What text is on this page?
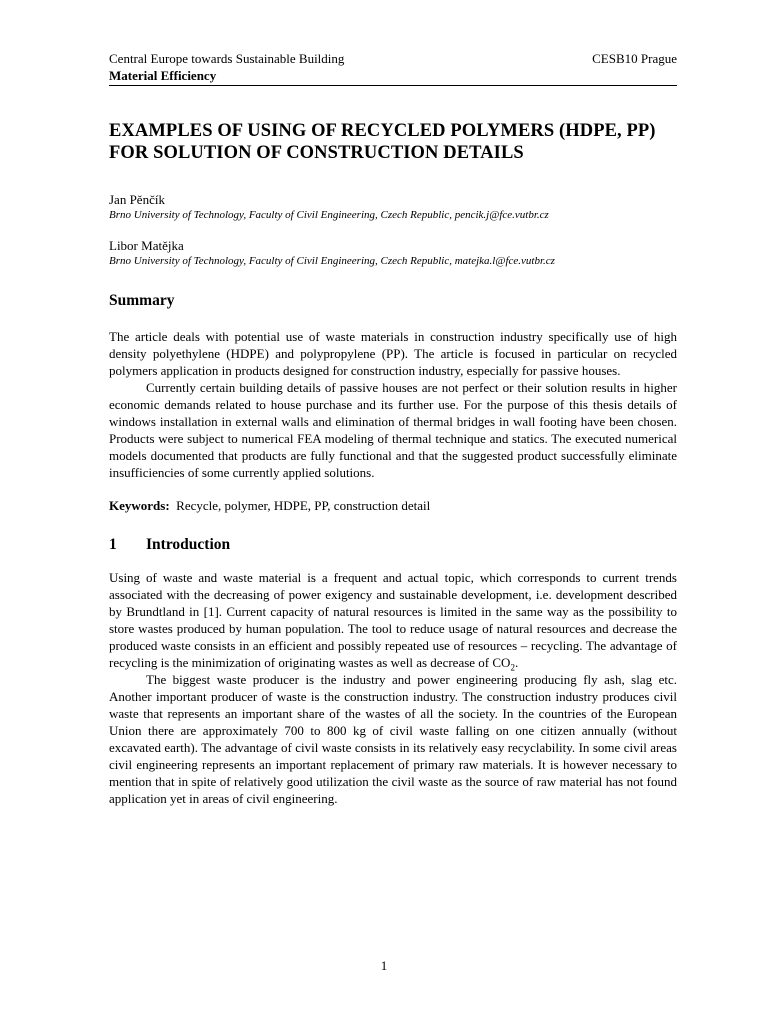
Central Europe towards Sustainable Building	CESB10 Prague
Material Efficiency
EXAMPLES OF USING OF RECYCLED POLYMERS (HDPE, PP) FOR SOLUTION OF CONSTRUCTION DETAILS
Jan Pěnčík
Brno University of Technology, Faculty of Civil Engineering, Czech Republic, pencik.j@fce.vutbr.cz
Libor Matějka
Brno University of Technology, Faculty of Civil Engineering, Czech Republic, matejka.l@fce.vutbr.cz
Summary
The article deals with potential use of waste materials in construction industry specifically use of high density polyethylene (HDPE) and polypropylene (PP). The article is focused in particular on recycled polymers application in products designed for construction industry, especially for passive houses.
Currently certain building details of passive houses are not perfect or their solution results in higher economic demands related to house purchase and its further use. For the purpose of this thesis details of windows installation in external walls and elimination of thermal bridges in wall footing have been chosen. Products were subject to numerical FEA modeling of thermal technique and statics. The executed numerical models documented that products are fully functional and that the suggested product successfully eliminate insufficiencies of some currently applied solutions.
Keywords: Recycle, polymer, HDPE, PP, construction detail
1	Introduction
Using of waste and waste material is a frequent and actual topic, which corresponds to current trends associated with the decreasing of power exigency and sustainable development, i.e. development described by Brundtland in [1]. Current capacity of natural resources is limited in the same way as the possibility to store wastes produced by human population. The tool to reduce usage of natural resources and decrease the produced waste consists in an efficient and possibly repeated use of resources – recycling. The advantage of recycling is the minimization of originating wastes as well as decrease of $CO_2$.
The biggest waste producer is the industry and power engineering producing fly ash, slag etc. Another important producer of waste is the construction industry. The construction industry produces civil waste that represents an important share of the wastes of all the society. In the countries of the European Union there are approximately 700 to 800 kg of civil waste falling on one citizen annually (without excavated earth). The advantage of civil waste consists in its relatively easy recyclability. In some civil areas civil engineering represents an important replacement of primary raw materials. It is however necessary to mention that in spite of relatively good utilization the civil waste as the source of raw material has not found application yet in areas of civil engineering.
1
